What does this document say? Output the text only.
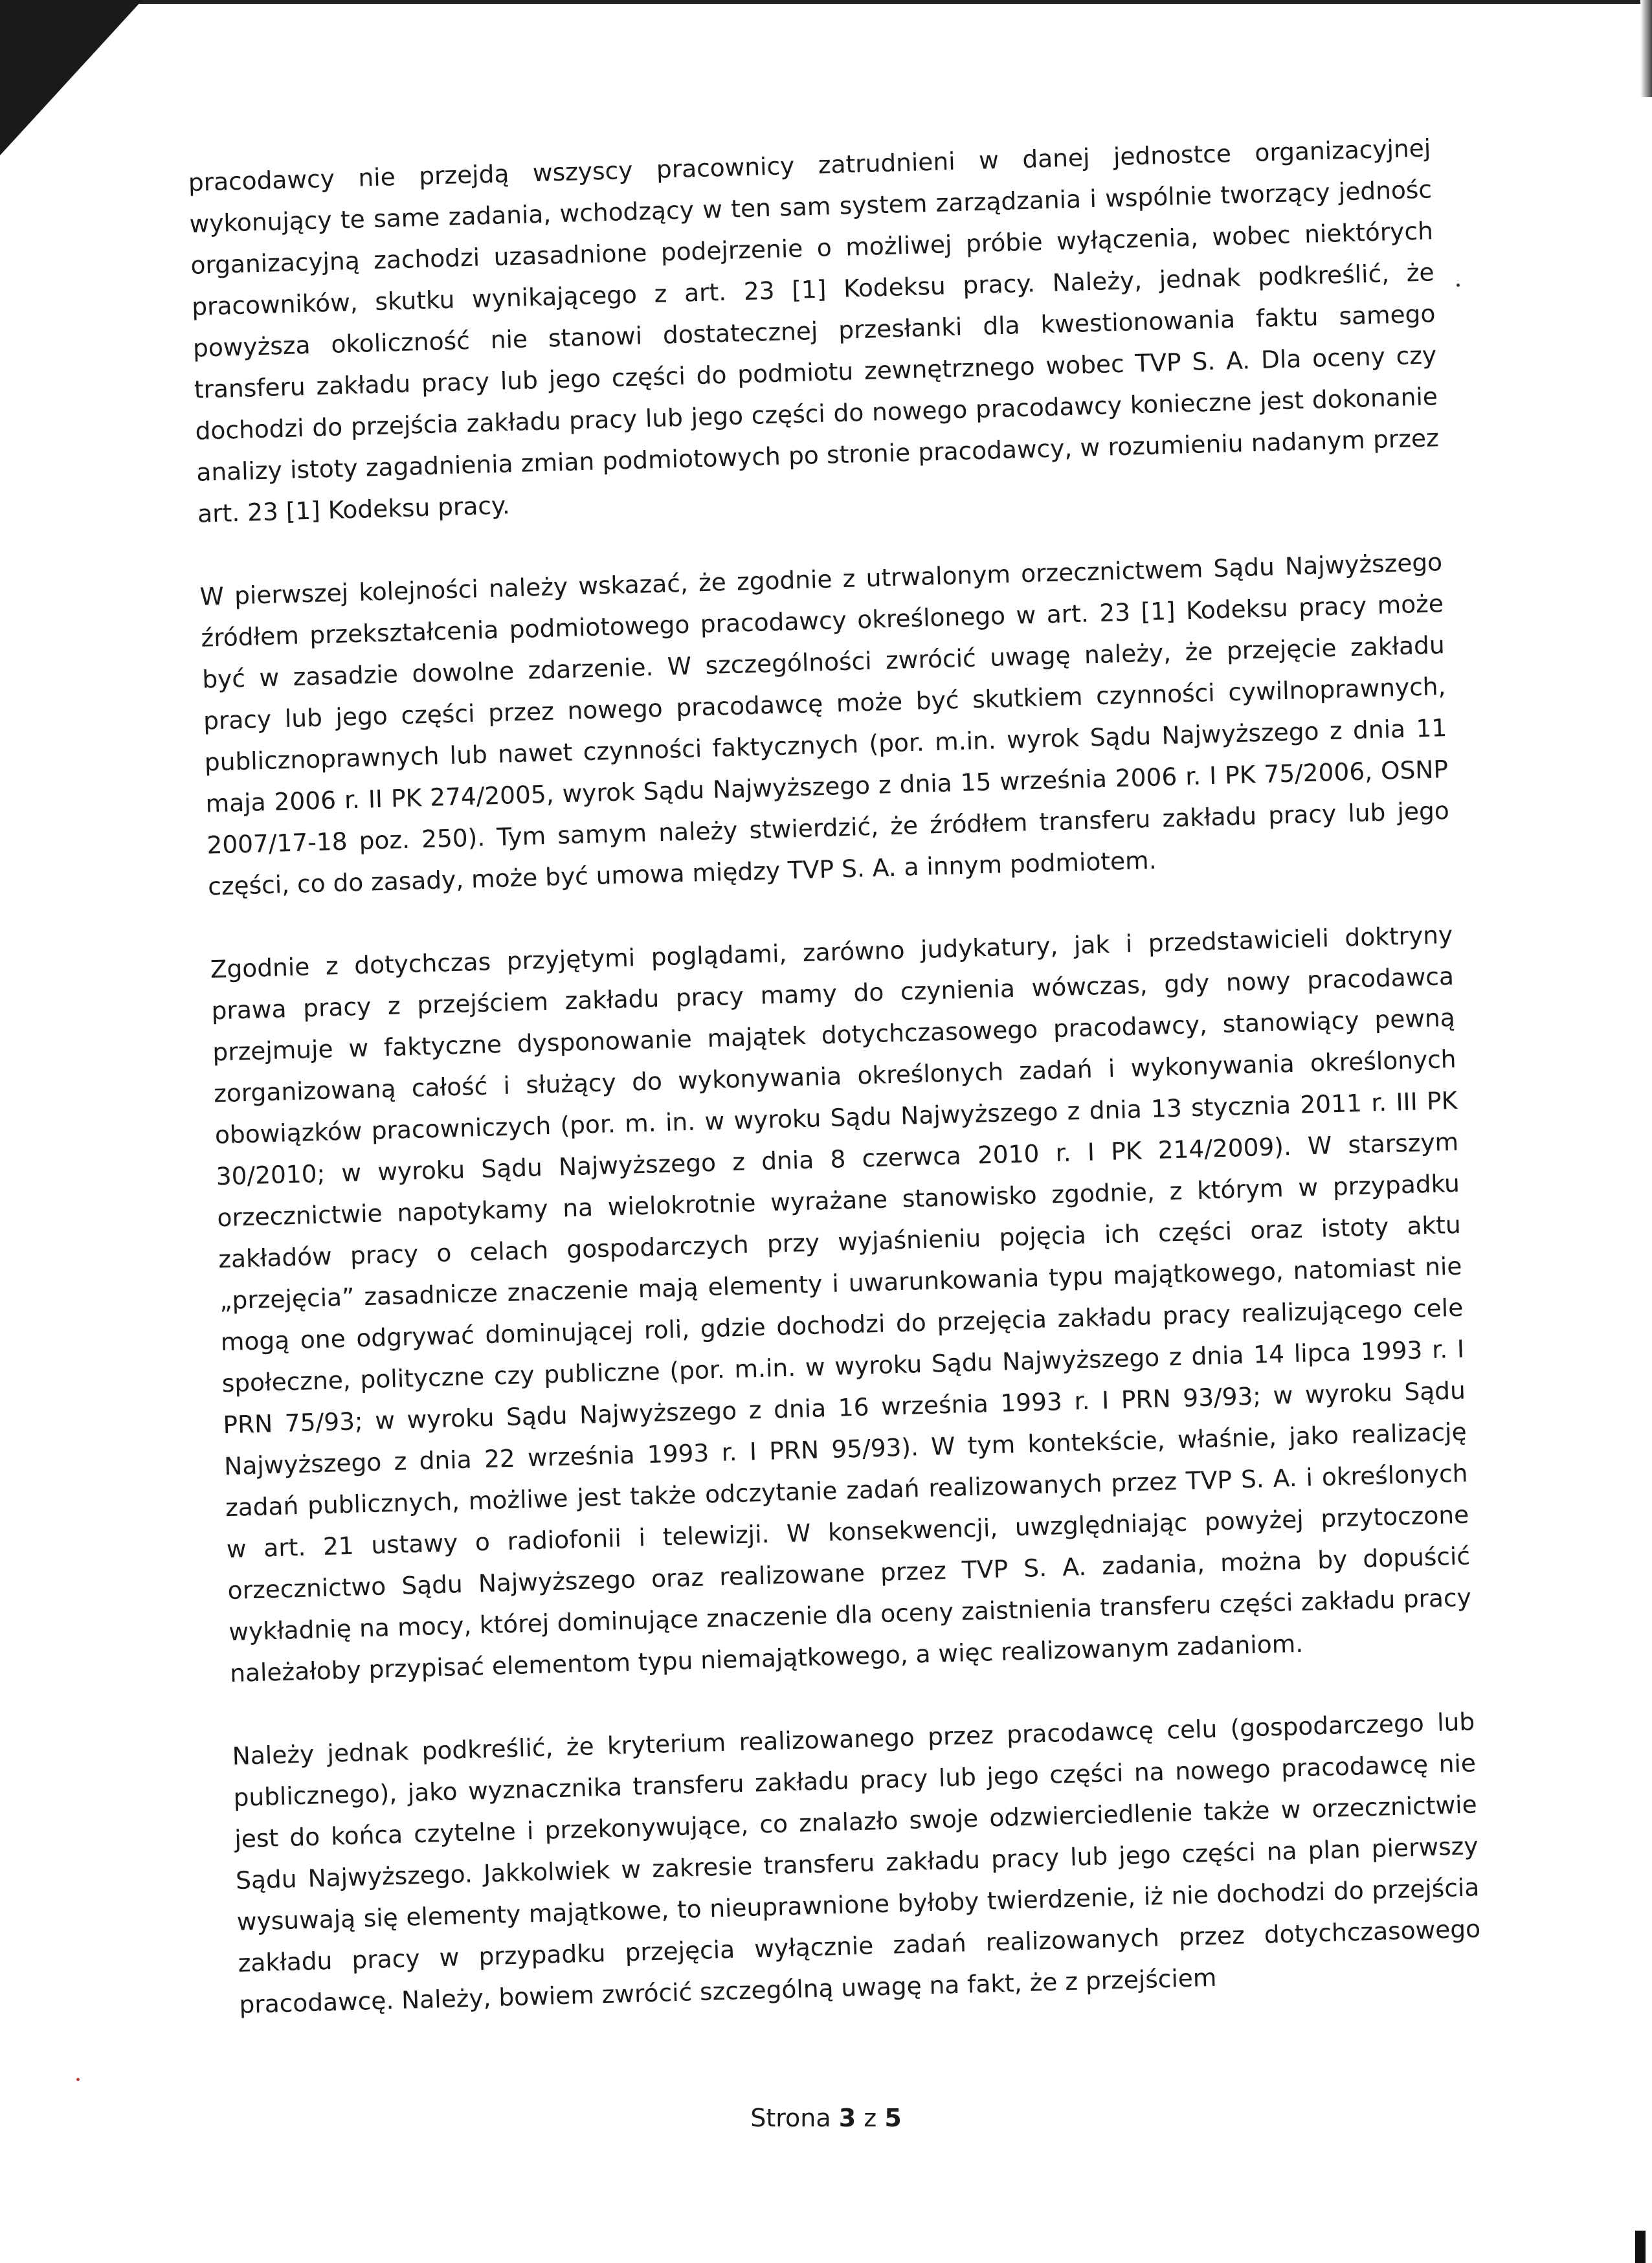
pracodawcy nie przejdą wszyscy pracownicy zatrudnieni w danej jednostce organizacyjnej wykonujący te same zadania, wchodzący w ten sam system zarządzania i wspólnie tworzący jednośc organizacyjną zachodzi uzasadnione podejrzenie o możliwej próbie wyłączenia, wobec niektórych pracowników, skutku wynikającego z art. 23 [1] Kodeksu pracy. Należy, jednak podkreślić, że powyższa okoliczność nie stanowi dostatecznej przesłanki dla kwestionowania faktu samego transferu zakładu pracy lub jego części do podmiotu zewnętrznego wobec TVP S. A. Dla oceny czy dochodzi do przejścia zakładu pracy lub jego części do nowego pracodawcy konieczne jest dokonanie analizy istoty zagadnienia zmian podmiotowych po stronie pracodawcy, w rozumieniu nadanym przez art. 23 [1] Kodeksu pracy.

W pierwszej kolejności należy wskazać, że zgodnie z utrwalonym orzecznictwem Sądu Najwyższego źródłem przekształcenia podmiotowego pracodawcy określonego w art. 23 [1] Kodeksu pracy może być w zasadzie dowolne zdarzenie. W szczególności zwrócić uwagę należy, że przejęcie zakładu pracy lub jego części przez nowego pracodawcę może być skutkiem czynności cywilnoprawnych, publicznoprawnych lub nawet czynności faktycznych (por. m.in. wyrok Sądu Najwyższego z dnia 11 maja 2006 r. II PK 274/2005, wyrok Sądu Najwyższego z dnia 15 września 2006 r. I PK 75/2006, OSNP 2007/17-18 poz. 250). Tym samym należy stwierdzić, że źródłem transferu zakładu pracy lub jego części, co do zasady, może być umowa między TVP S. A. a innym podmiotem.

Zgodnie z dotychczas przyjętymi poglądami, zarówno judykatury, jak i przedstawicieli doktryny prawa pracy z przejściem zakładu pracy mamy do czynienia wówczas, gdy nowy pracodawca przejmuje w faktyczne dysponowanie majątek dotychczasowego pracodawcy, stanowiący pewną zorganizowaną całość i służący do wykonywania określonych zadań i wykonywania określonych obowiązków pracowniczych (por. m. in. w wyroku Sądu Najwyższego z dnia 13 stycznia 2011 r. III PK 30/2010; w wyroku Sądu Najwyższego z dnia 8 czerwca 2010 r. I PK 214/2009). W starszym orzecznictwie napotykamy na wielokrotnie wyrażane stanowisko zgodnie, z którym w przypadku zakładów pracy o celach gospodarczych przy wyjaśnieniu pojęcia ich części oraz istoty aktu „przejęcia” zasadnicze znaczenie mają elementy i uwarunkowania typu majątkowego, natomiast nie mogą one odgrywać dominującej roli, gdzie dochodzi do przejęcia zakładu pracy realizującego cele społeczne, polityczne czy publiczne (por. m.in. w wyroku Sądu Najwyższego z dnia 14 lipca 1993 r. I PRN 75/93; w wyroku Sądu Najwyższego z dnia 16 września 1993 r. I PRN 93/93; w wyroku Sądu Najwyższego z dnia 22 września 1993 r. I PRN 95/93). W tym kontekście, właśnie, jako realizację zadań publicznych, możliwe jest także odczytanie zadań realizowanych przez TVP S. A. i określonych w art. 21 ustawy o radiofonii i telewizji. W konsekwencji, uwzględniając powyżej przytoczone orzecznictwo Sądu Najwyższego oraz realizowane przez TVP S. A. zadania, można by dopuścić wykładnię na mocy, której dominujące znaczenie dla oceny zaistnienia transferu części zakładu pracy należałoby przypisać elementom typu niemajątkowego, a więc realizowanym zadaniom.

Należy jednak podkreślić, że kryterium realizowanego przez pracodawcę celu (gospodarczego lub publicznego), jako wyznacznika transferu zakładu pracy lub jego części na nowego pracodawcę nie jest do końca czytelne i przekonywujące, co znalazło swoje odzwierciedlenie także w orzecznictwie Sądu Najwyższego. Jakkolwiek w zakresie transferu zakładu pracy lub jego części na plan pierwszy wysuwają się elementy majątkowe, to nieuprawnione byłoby twierdzenie, iż nie dochodzi do przejścia zakładu pracy w przypadku przejęcia wyłącznie zadań realizowanych przez dotychczasowego pracodawcę. Należy, bowiem zwrócić szczególną uwagę na fakt, że z przejściem

Strona 3 z 5
